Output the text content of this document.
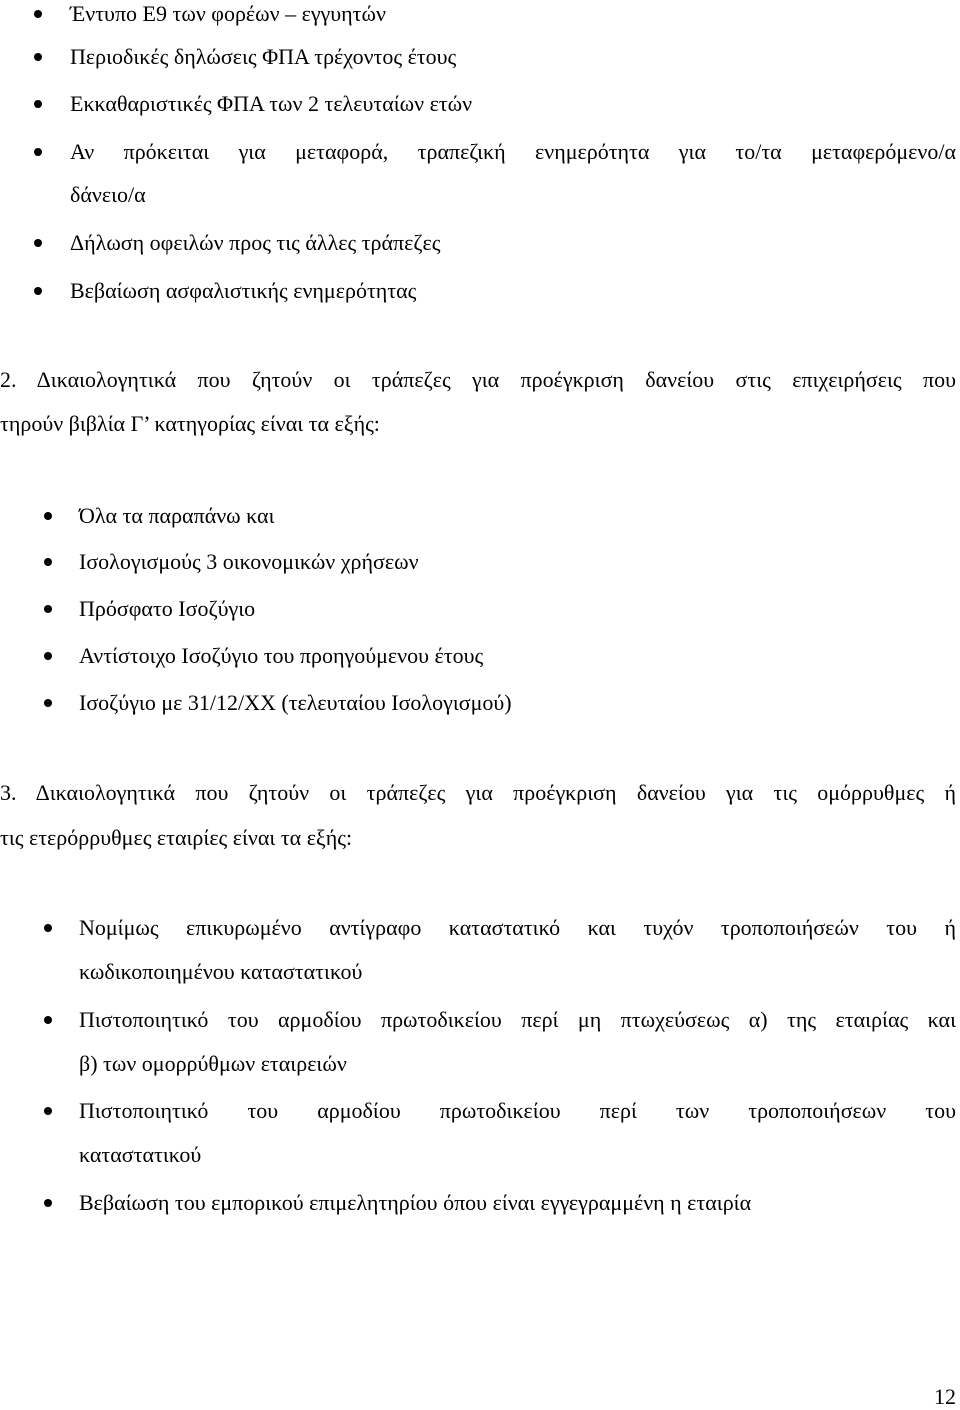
Έντυπο Ε9 των φορέων – εγγυητών
Περιοδικές δηλώσεις ΦΠΑ τρέχοντος έτους
Εκκαθαριστικές ΦΠΑ των 2 τελευταίων ετών
Αν πρόκειται για μεταφορά, τραπεζική ενημερότητα για το/τα μεταφερόμενο/α
δάνειο/α
Δήλωση οφειλών προς τις άλλες τράπεζες
Βεβαίωση ασφαλιστικής ενημερότητας
2. Δικαιολογητικά που ζητούν οι τράπεζες για προέγκριση δανείου στις επιχειρήσεις που
τηρούν βιβλία Γ’ κατηγορίας είναι τα εξής:
Όλα τα παραπάνω και
Ισολογισμούς 3 οικονομικών χρήσεων
Πρόσφατο Ισοζύγιο
Αντίστοιχο Ισοζύγιο του προηγούμενου έτους
Ισοζύγιο με 31/12/ΧΧ (τελευταίου Ισολογισμού)
3. Δικαιολογητικά που ζητούν οι τράπεζες για προέγκριση δανείου για τις ομόρρυθμες ή
τις ετερόρρυθμες εταιρίες είναι τα εξής:
Νομίμως επικυρωμένο αντίγραφο καταστατικό και τυχόν τροποποιήσεών του ή
κωδικοποιημένου καταστατικού
Πιστοποιητικό του αρμοδίου πρωτοδικείου περί μη πτωχεύσεως α) της εταιρίας και
β) των ομορρύθμων εταιρειών
Πιστοποιητικό του αρμοδίου πρωτοδικείου περί των τροποποιήσεων του
καταστατικού
Βεβαίωση του εμπορικού επιμελητηρίου όπου είναι εγγεγραμμένη η εταιρία
12
